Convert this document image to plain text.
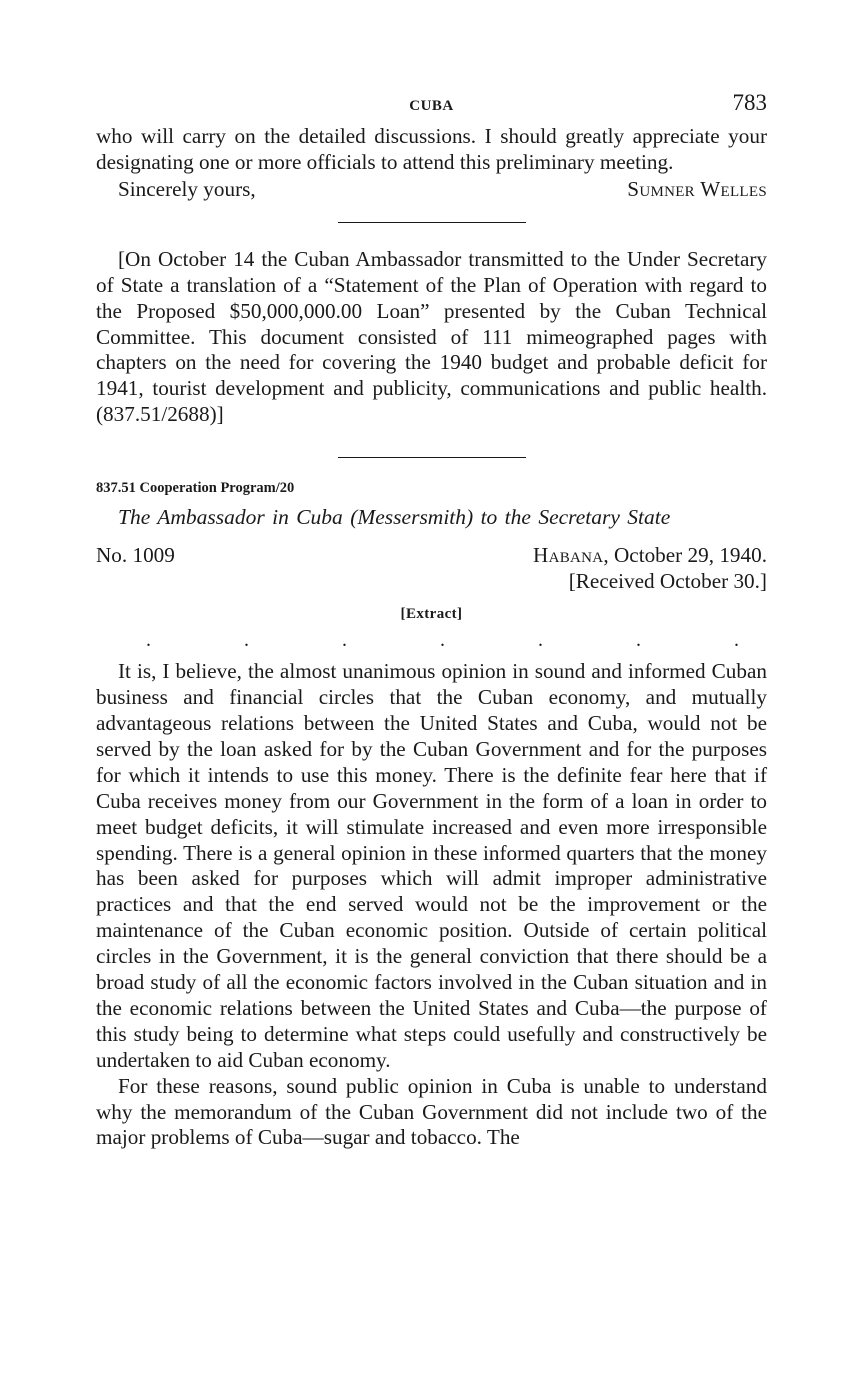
CUBA	783

who will carry on the detailed discussions. I should greatly appreciate your designating one or more officials to attend this preliminary meeting.

Sincerely yours,	Sumner Welles

[On October 14 the Cuban Ambassador transmitted to the Under Secretary of State a translation of a “Statement of the Plan of Operation with regard to the Proposed $50,000,000.00 Loan” presented by the Cuban Technical Committee. This document consisted of 111 mimeographed pages with chapters on the need for covering the 1940 budget and probable deficit for 1941, tourist development and publicity, communications and public health. (837.51/2688)]

837.51 Cooperation Program/20
The Ambassador in Cuba (Messersmith) to the Secretary State
No. 1009	Habana, October 29, 1940.
[Received October 30.]
[Extract]
.	.	.	.	.	.	.

It is, I believe, the almost unanimous opinion in sound and informed Cuban business and financial circles that the Cuban economy, and mutually advantageous relations between the United States and Cuba, would not be served by the loan asked for by the Cuban Government and for the purposes for which it intends to use this money. There is the definite fear here that if Cuba receives money from our Government in the form of a loan in order to meet budget deficits, it will stimulate increased and even more irresponsible spending. There is a general opinion in these informed quarters that the money has been asked for purposes which will admit improper administrative practices and that the end served would not be the improvement or the maintenance of the Cuban economic position. Outside of certain political circles in the Government, it is the general conviction that there should be a broad study of all the economic factors involved in the Cuban situation and in the economic relations between the United States and Cuba—the purpose of this study being to determine what steps could usefully and constructively be undertaken to aid Cuban economy.

For these reasons, sound public opinion in Cuba is unable to understand why the memorandum of the Cuban Government did not include two of the major problems of Cuba—sugar and tobacco. The
